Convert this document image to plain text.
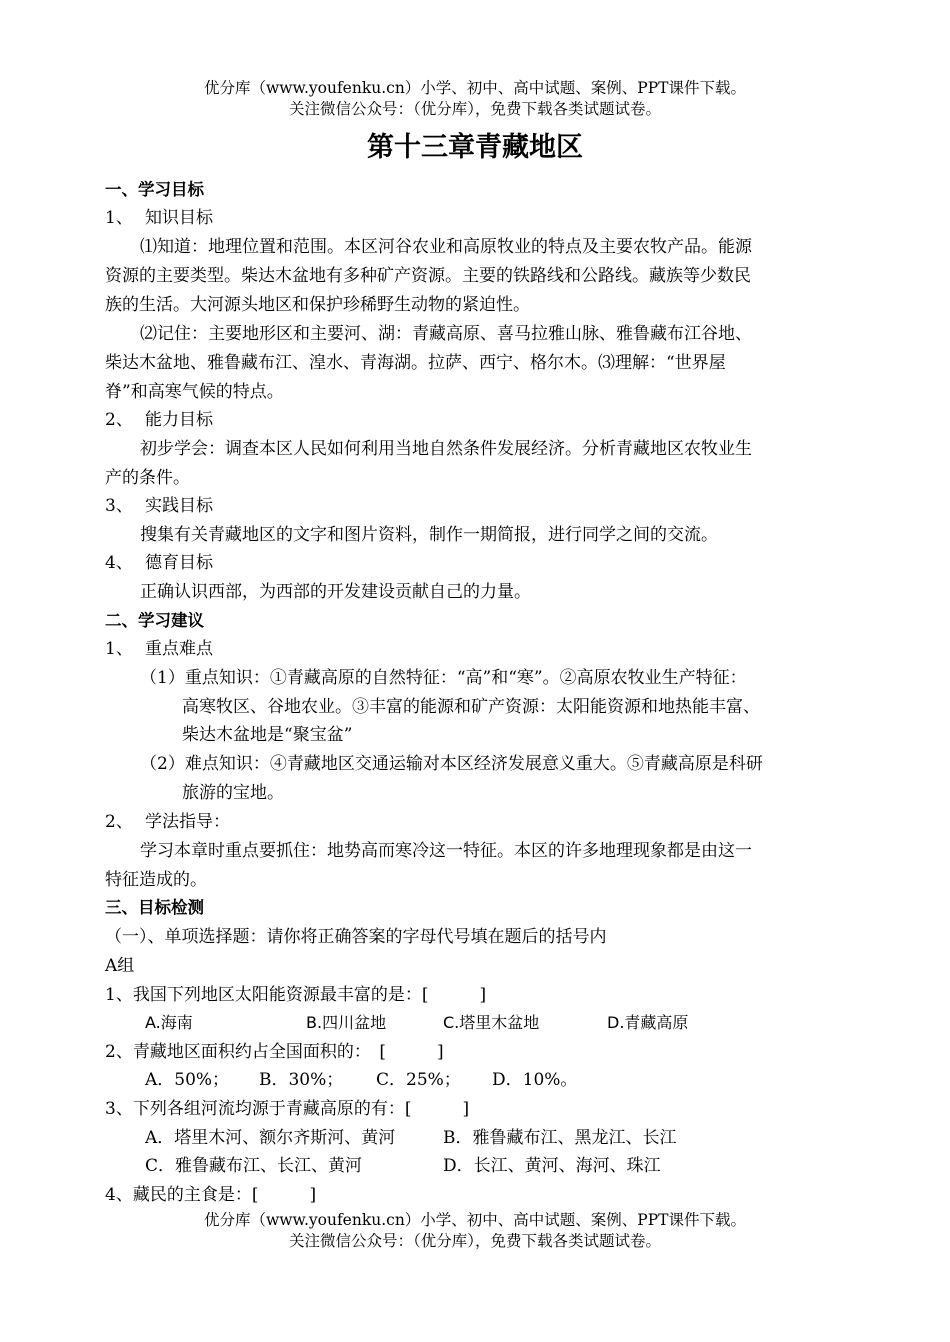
优分库（www.youfenku.cn）小学、初中、高中试题、案例、PPT课件下载。
关注微信公众号：（优分库），免费下载各类试题试卷。
第十三章青藏地区
一、学习目标
1、 知识目标
⑴知道：地理位置和范围。本区河谷农业和高原牧业的特点及主要农牧产品。能源
资源的主要类型。柴达木盆地有多种矿产资源。主要的铁路线和公路线。藏族等少数民
族的生活。大河源头地区和保护珍稀野生动物的紧迫性。
⑵记住：主要地形区和主要河、湖：青藏高原、喜马拉雅山脉、雅鲁藏布江谷地、
柴达木盆地、雅鲁藏布江、湟水、青海湖。拉萨、西宁、格尔木。⑶理解：“世界屋
脊”和高寒气候的特点。
2、 能力目标
初步学会：调查本区人民如何利用当地自然条件发展经济。分析青藏地区农牧业生
产的条件。
3、 实践目标
搜集有关青藏地区的文字和图片资料，制作一期简报，进行同学之间的交流。
4、 德育目标
正确认识西部，为西部的开发建设贡献自己的力量。
二、学习建议
1、 重点难点
（1）重点知识：①青藏高原的自然特征：“高”和“寒”。②高原农牧业生产特征：
高寒牧区、谷地农业。③丰富的能源和矿产资源：太阳能资源和地热能丰富、
柴达木盆地是“聚宝盆”
（2）难点知识：④青藏地区交通运输对本区经济发展意义重大。⑤青藏高原是科研
旅游的宝地。
2、 学法指导：
学习本章时重点要抓住：地势高而寒冷这一特征。本区的许多地理现象都是由这一
特征造成的。
三、目标检测
（一）、单项选择题：请你将正确答案的字母代号填在题后的括号内
A组
1、我国下列地区太阳能资源最丰富的是：[　　　]
A.海南	B.四川盆地	C.塔里木盆地	D.青藏高原
2、青藏地区面积约占全国面积的：　[　　　]
A．50%； B．30%； C．25%； D．10%。
3、下列各组河流均源于青藏高原的有：[　　　]
A．塔里木河、额尔齐斯河、黄河	B．雅鲁藏布江、黑龙江、长江
C．雅鲁藏布江、长江、黄河	D．长江、黄河、海河、珠江
4、藏民的主食是：[　　　]
优分库（www.youfenku.cn）小学、初中、高中试题、案例、PPT课件下载。
关注微信公众号：（优分库），免费下载各类试题试卷。
